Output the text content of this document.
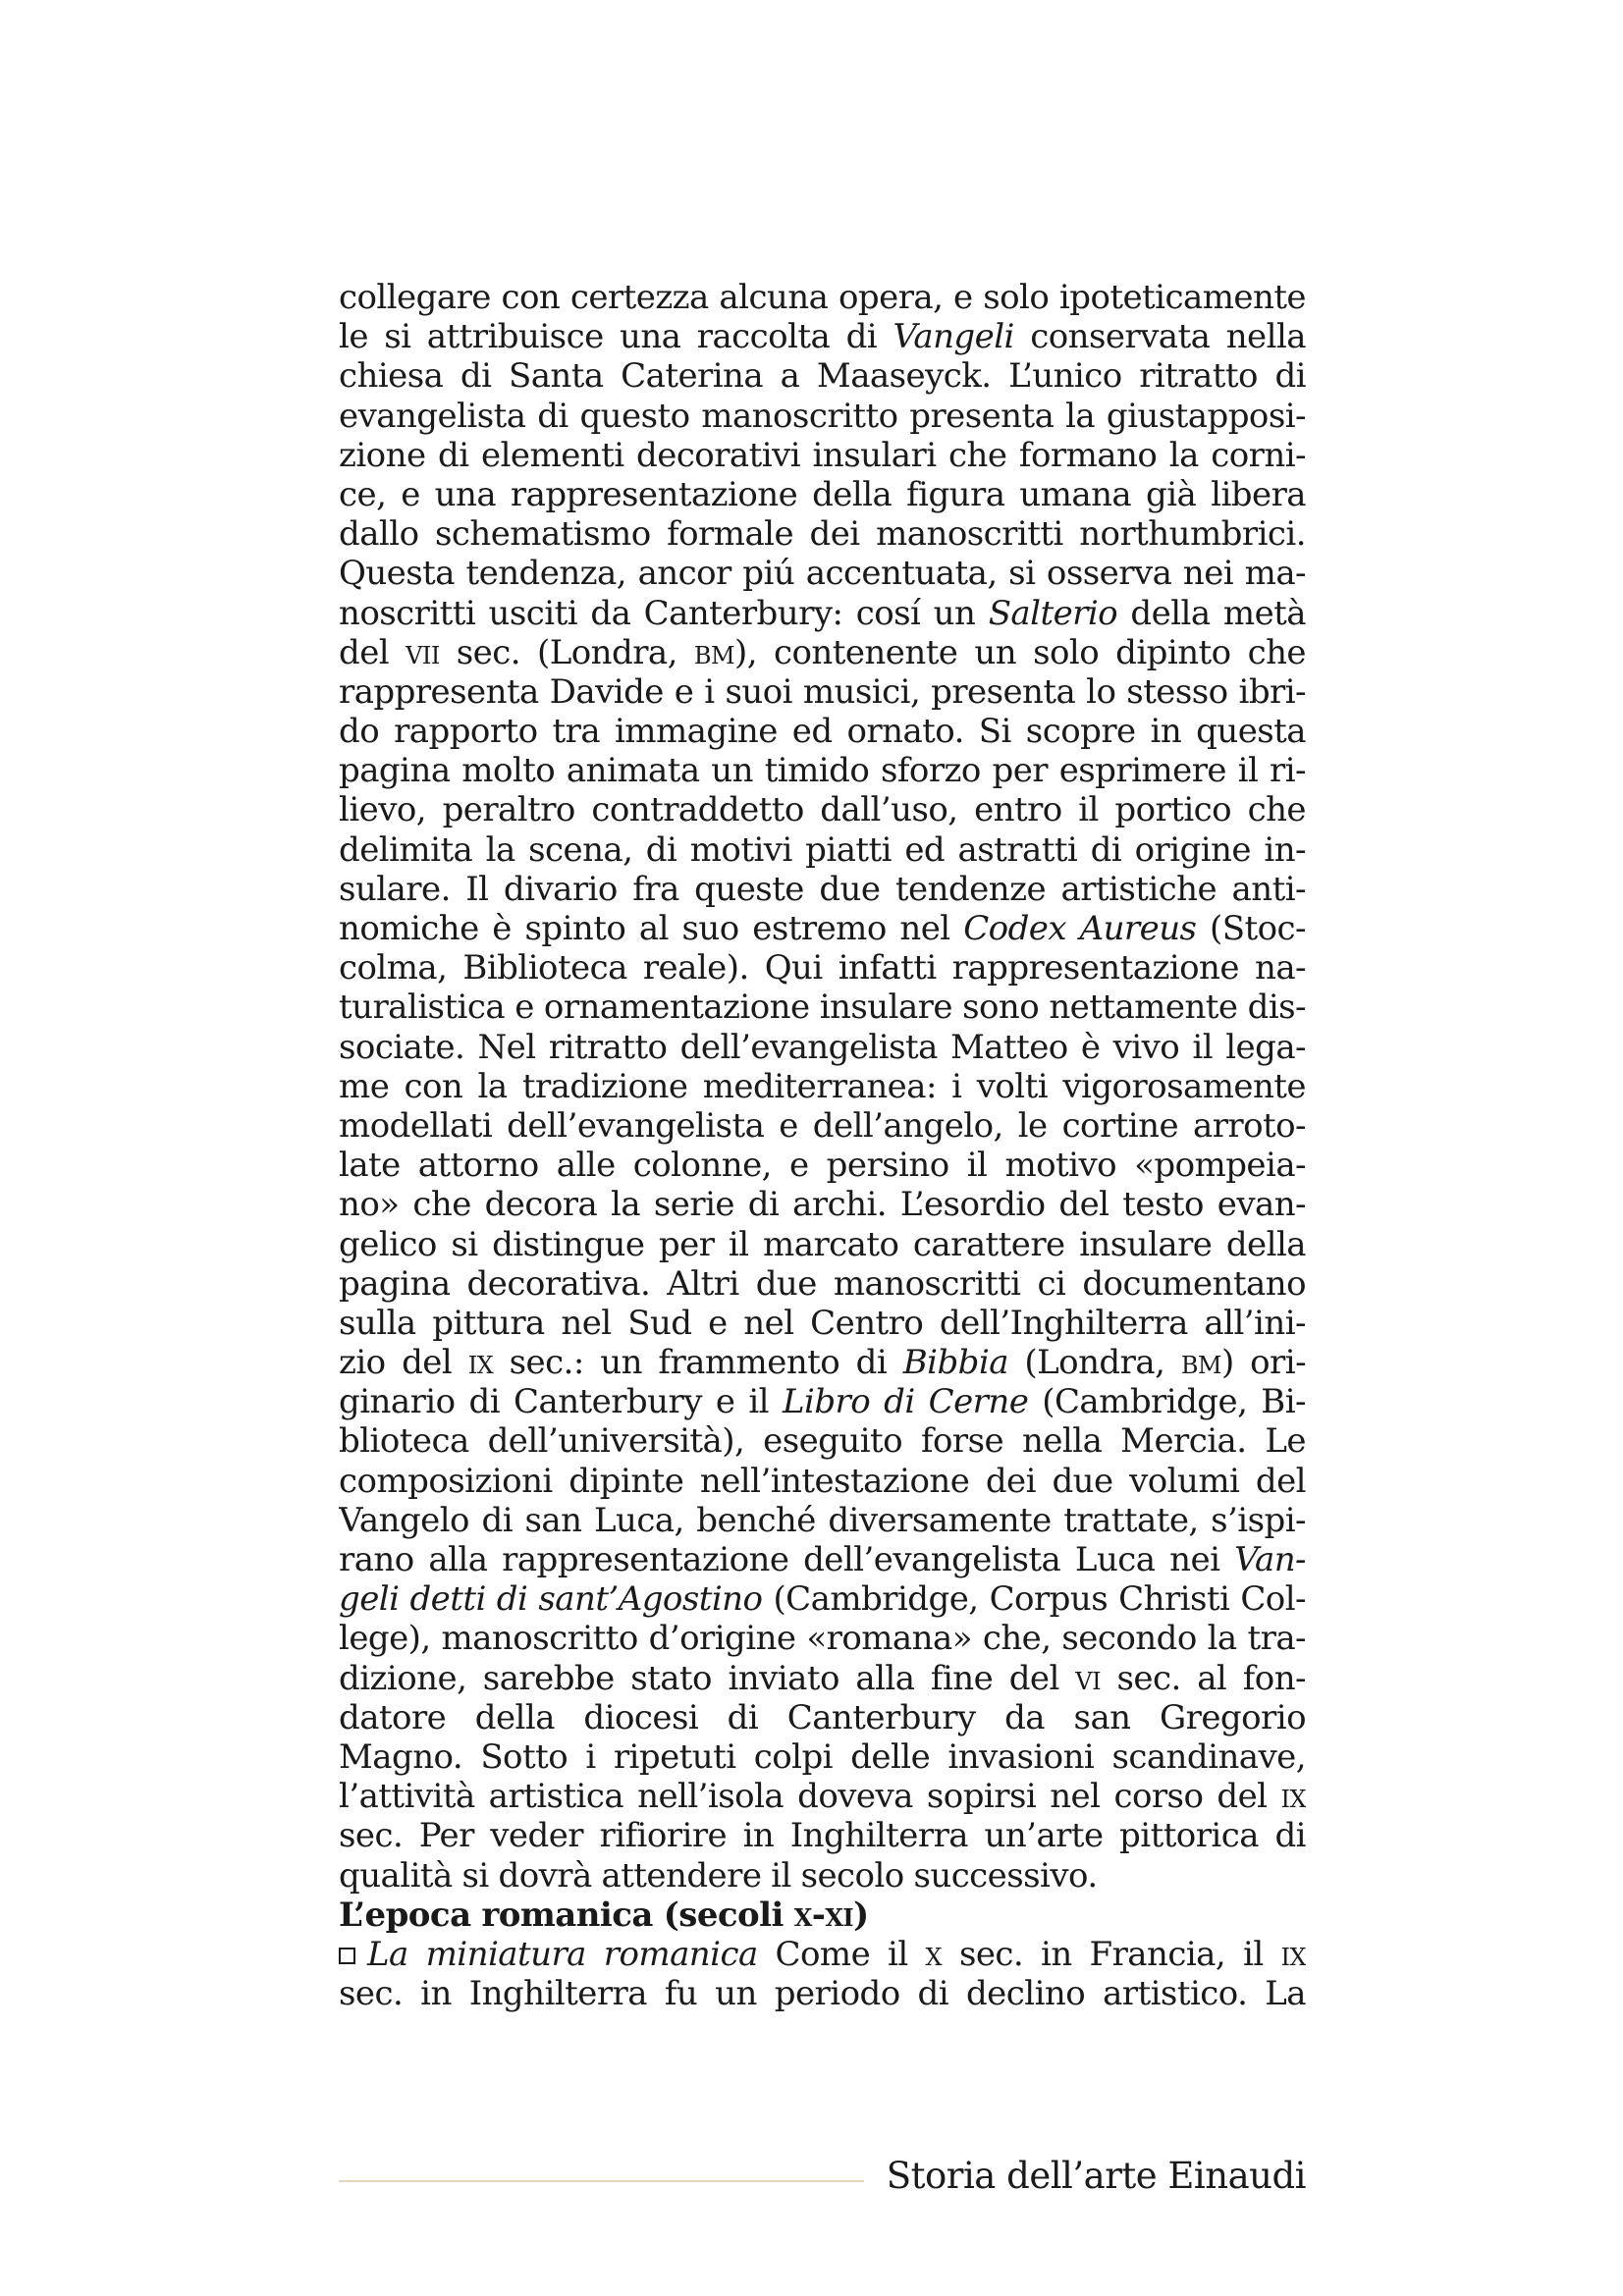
collegare con certezza alcuna opera, e solo ipoteticamente
le si attribuisce una raccolta di Vangeli conservata nella
chiesa di Santa Caterina a Maaseyck. L’unico ritratto di
evangelista di questo manoscritto presenta la giustapposi-
zione di elementi decorativi insulari che formano la corni-
ce, e una rappresentazione della figura umana già libera
dallo schematismo formale dei manoscritti northumbrici.
Questa tendenza, ancor piú accentuata, si osserva nei ma-
noscritti usciti da Canterbury: cosí un Salterio della metà
del vii sec. (Londra, bm), contenente un solo dipinto che
rappresenta Davide e i suoi musici, presenta lo stesso ibri-
do rapporto tra immagine ed ornato. Si scopre in questa
pagina molto animata un timido sforzo per esprimere il ri-
lievo, peraltro contraddetto dall’uso, entro il portico che
delimita la scena, di motivi piatti ed astratti di origine in-
sulare. Il divario fra queste due tendenze artistiche anti-
nomiche è spinto al suo estremo nel Codex Aureus (Stoc-
colma, Biblioteca reale). Qui infatti rappresentazione na-
turalistica e ornamentazione insulare sono nettamente dis-
sociate. Nel ritratto dell’evangelista Matteo è vivo il lega-
me con la tradizione mediterranea: i volti vigorosamente
modellati dell’evangelista e dell’angelo, le cortine arroto-
late attorno alle colonne, e persino il motivo «pompeia-
no» che decora la serie di archi. L’esordio del testo evan-
gelico si distingue per il marcato carattere insulare della
pagina decorativa. Altri due manoscritti ci documentano
sulla pittura nel Sud e nel Centro dell’Inghilterra all’ini-
zio del ix sec.: un frammento di Bibbia (Londra, bm) ori-
ginario di Canterbury e il Libro di Cerne (Cambridge, Bi-
blioteca dell’università), eseguito forse nella Mercia. Le
composizioni dipinte nell’intestazione dei due volumi del
Vangelo di san Luca, benché diversamente trattate, s’ispi-
rano alla rappresentazione dell’evangelista Luca nei Van-
geli detti di sant’Agostino (Cambridge, Corpus Christi Col-
lege), manoscritto d’origine «romana» che, secondo la tra-
dizione, sarebbe stato inviato alla fine del vi sec. al fon-
datore della diocesi di Canterbury da san Gregorio
Magno. Sotto i ripetuti colpi delle invasioni scandinave,
l’attività artistica nell’isola doveva sopirsi nel corso del ix
sec. Per veder rifiorire in Inghilterra un’arte pittorica di
qualità si dovrà attendere il secolo successivo.
L’epoca romanica (secoli x-xi)
La miniatura romanica Come il x sec. in Francia, il ix
sec. in Inghilterra fu un periodo di declino artistico. La
Storia dell’arte Einaudi
